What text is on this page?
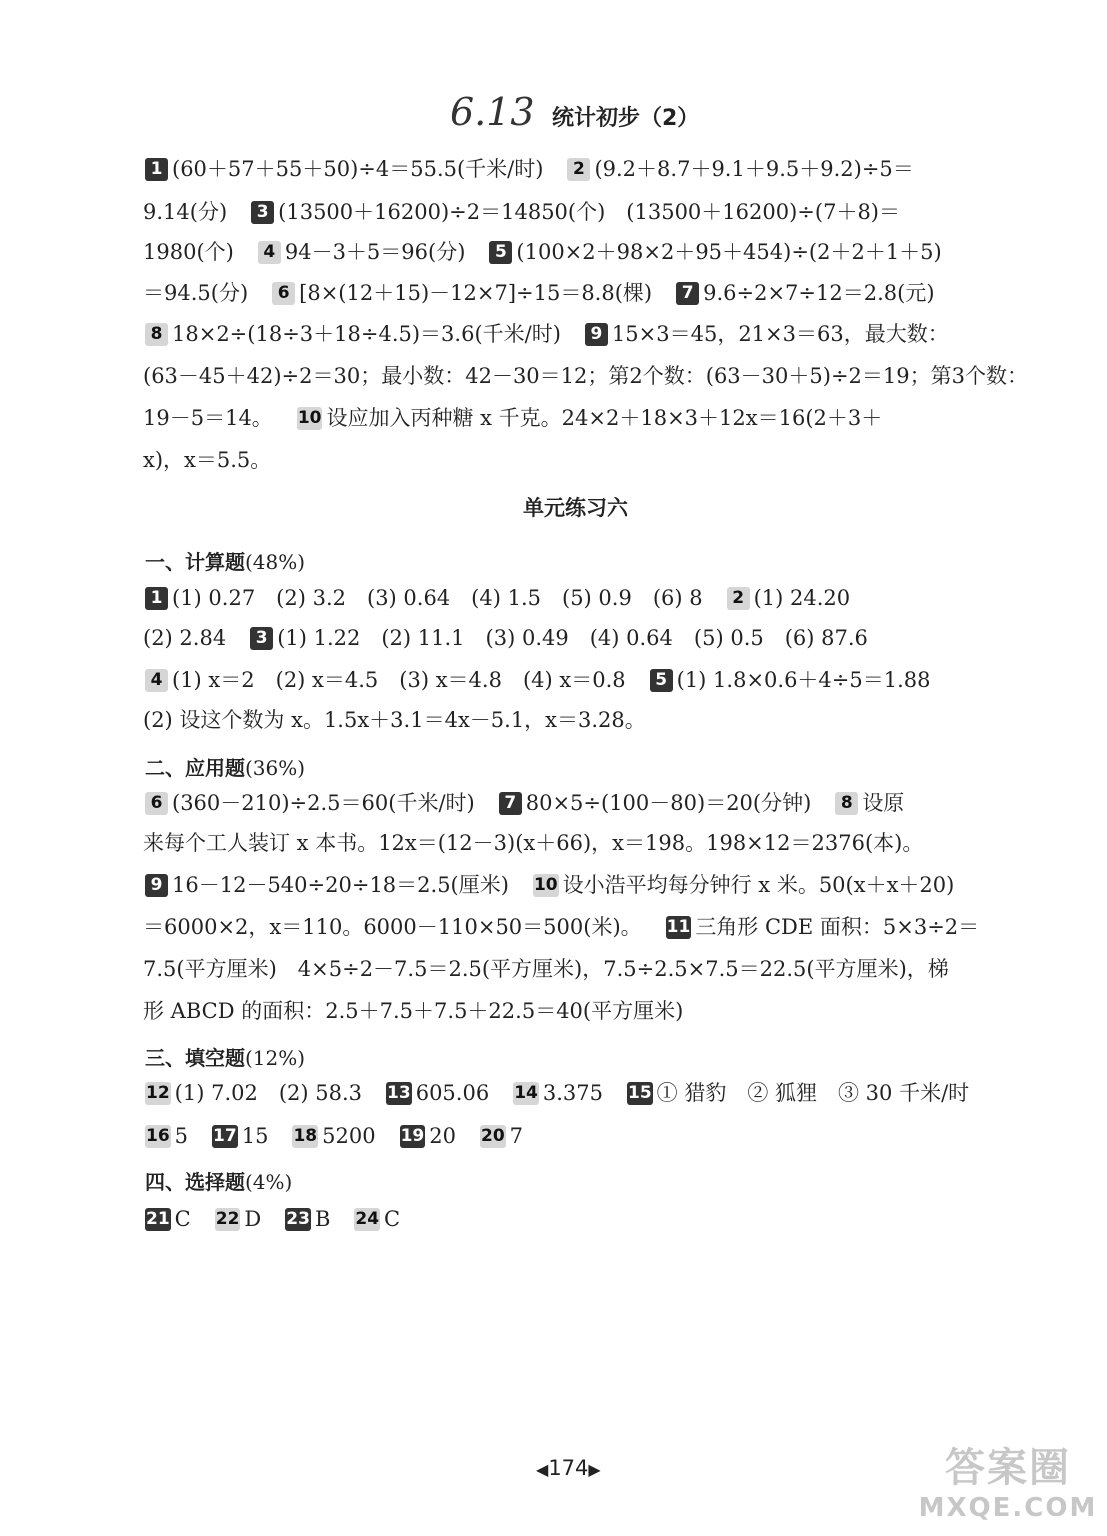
6.13 统计初步（2）
1 (60＋57＋55＋50)÷4＝55.5(千米/时) 2 (9.2＋8.7＋9.1＋9.5＋9.2)÷5＝
9.14(分) 3 (13500＋16200)÷2＝14850(个)　(13500＋16200)÷(7＋8)＝
1980(个) 4 94－3＋5＝96(分) 5 (100×2＋98×2＋95＋454)÷(2＋2＋1＋5)
＝94.5(分) 6 [8×(12＋15)－12×7]÷15＝8.8(棵) 7 9.6÷2×7÷12＝2.8(元)
8 18×2÷(18÷3＋18÷4.5)＝3.6(千米/时) 9 15×3＝45，21×3＝63，最大数：
(63－45＋42)÷2＝30；最小数：42－30＝12；第2个数：(63－30＋5)÷2＝19；第3个数：
19－5＝14。 10 设应加入丙种糖 x 千克。24×2＋18×3＋12x＝16(2＋3＋
x)，x＝5.5。
单元练习六
一、计算题(48%)
1 (1) 0.27　(2) 3.2　(3) 0.64　(4) 1.5　(5) 0.9　(6) 8 2 (1) 24.20
(2) 2.84 3 (1) 1.22　(2) 11.1　(3) 0.49　(4) 0.64　(5) 0.5　(6) 87.6
4 (1) x＝2　(2) x＝4.5　(3) x＝4.8　(4) x＝0.8 5 (1) 1.8×0.6＋4÷5＝1.88
(2) 设这个数为 x。1.5x＋3.1＝4x－5.1，x＝3.28。
二、应用题(36%)
6 (360－210)÷2.5＝60(千米/时) 7 80×5÷(100－80)＝20(分钟) 8 设原
来每个工人装订 x 本书。12x＝(12－3)(x＋66)，x＝198。198×12＝2376(本)。
9 16－12－540÷20÷18＝2.5(厘米) 10 设小浩平均每分钟行 x 米。50(x＋x＋20)
＝6000×2，x＝110。6000－110×50＝500(米)。 11 三角形 CDE 面积：5×3÷2＝
7.5(平方厘米)　4×5÷2－7.5＝2.5(平方厘米)，7.5÷2.5×7.5＝22.5(平方厘米)，梯
形 ABCD 的面积：2.5＋7.5＋7.5＋22.5＝40(平方厘米)
三、填空题(12%)
12 (1) 7.02　(2) 58.3 13 605.06 14 3.375 15 ① 猎豹　② 狐狸　③ 30 千米/时
16 5 17 15 18 5200 19 20 20 7
四、选择题(4%)
21 C 22 D 23 B 24 C
◀174▶	答案圈
MXQE.COM
